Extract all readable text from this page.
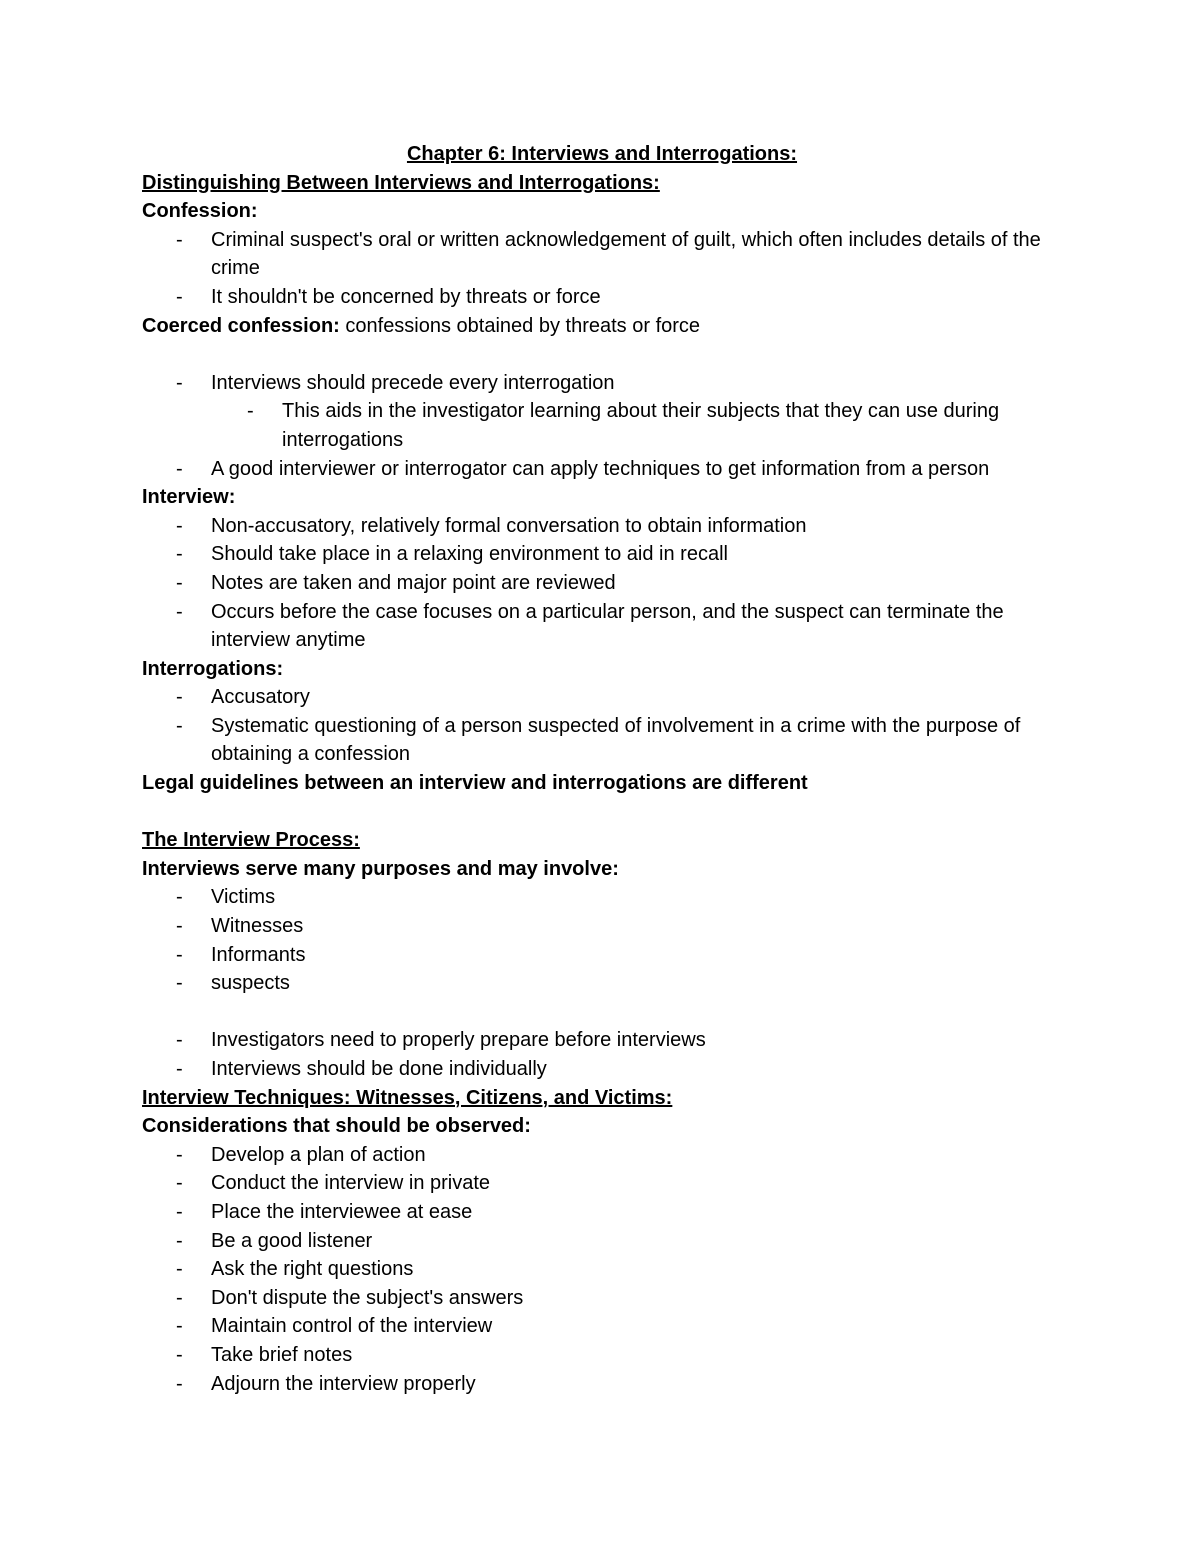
Chapter 6: Interviews and Interrogations:
Distinguishing Between Interviews and Interrogations:
Confession:
- Criminal suspect's oral or written acknowledgement of guilt, which often includes details of the crime
- It shouldn't be concerned by threats or force
Coerced confession: confessions obtained by threats or force
- Interviews should precede every interrogation
- This aids in the investigator learning about their subjects that they can use during interrogations
- A good interviewer or interrogator can apply techniques to get information from a person
Interview:
- Non-accusatory, relatively formal conversation to obtain information
- Should take place in a relaxing environment to aid in recall
- Notes are taken and major point are reviewed
- Occurs before the case focuses on a particular person, and the suspect can terminate the interview anytime
Interrogations:
- Accusatory
- Systematic questioning of a person suspected of involvement in a crime with the purpose of obtaining a confession
Legal guidelines between an interview and interrogations are different
The Interview Process:
Interviews serve many purposes and may involve:
- Victims
- Witnesses
- Informants
- suspects
- Investigators need to properly prepare before interviews
- Interviews should be done individually
Interview Techniques: Witnesses, Citizens, and Victims:
Considerations that should be observed:
- Develop a plan of action
- Conduct the interview in private
- Place the interviewee at ease
- Be a good listener
- Ask the right questions
- Don't dispute the subject's answers
- Maintain control of the interview
- Take brief notes
- Adjourn the interview properly
